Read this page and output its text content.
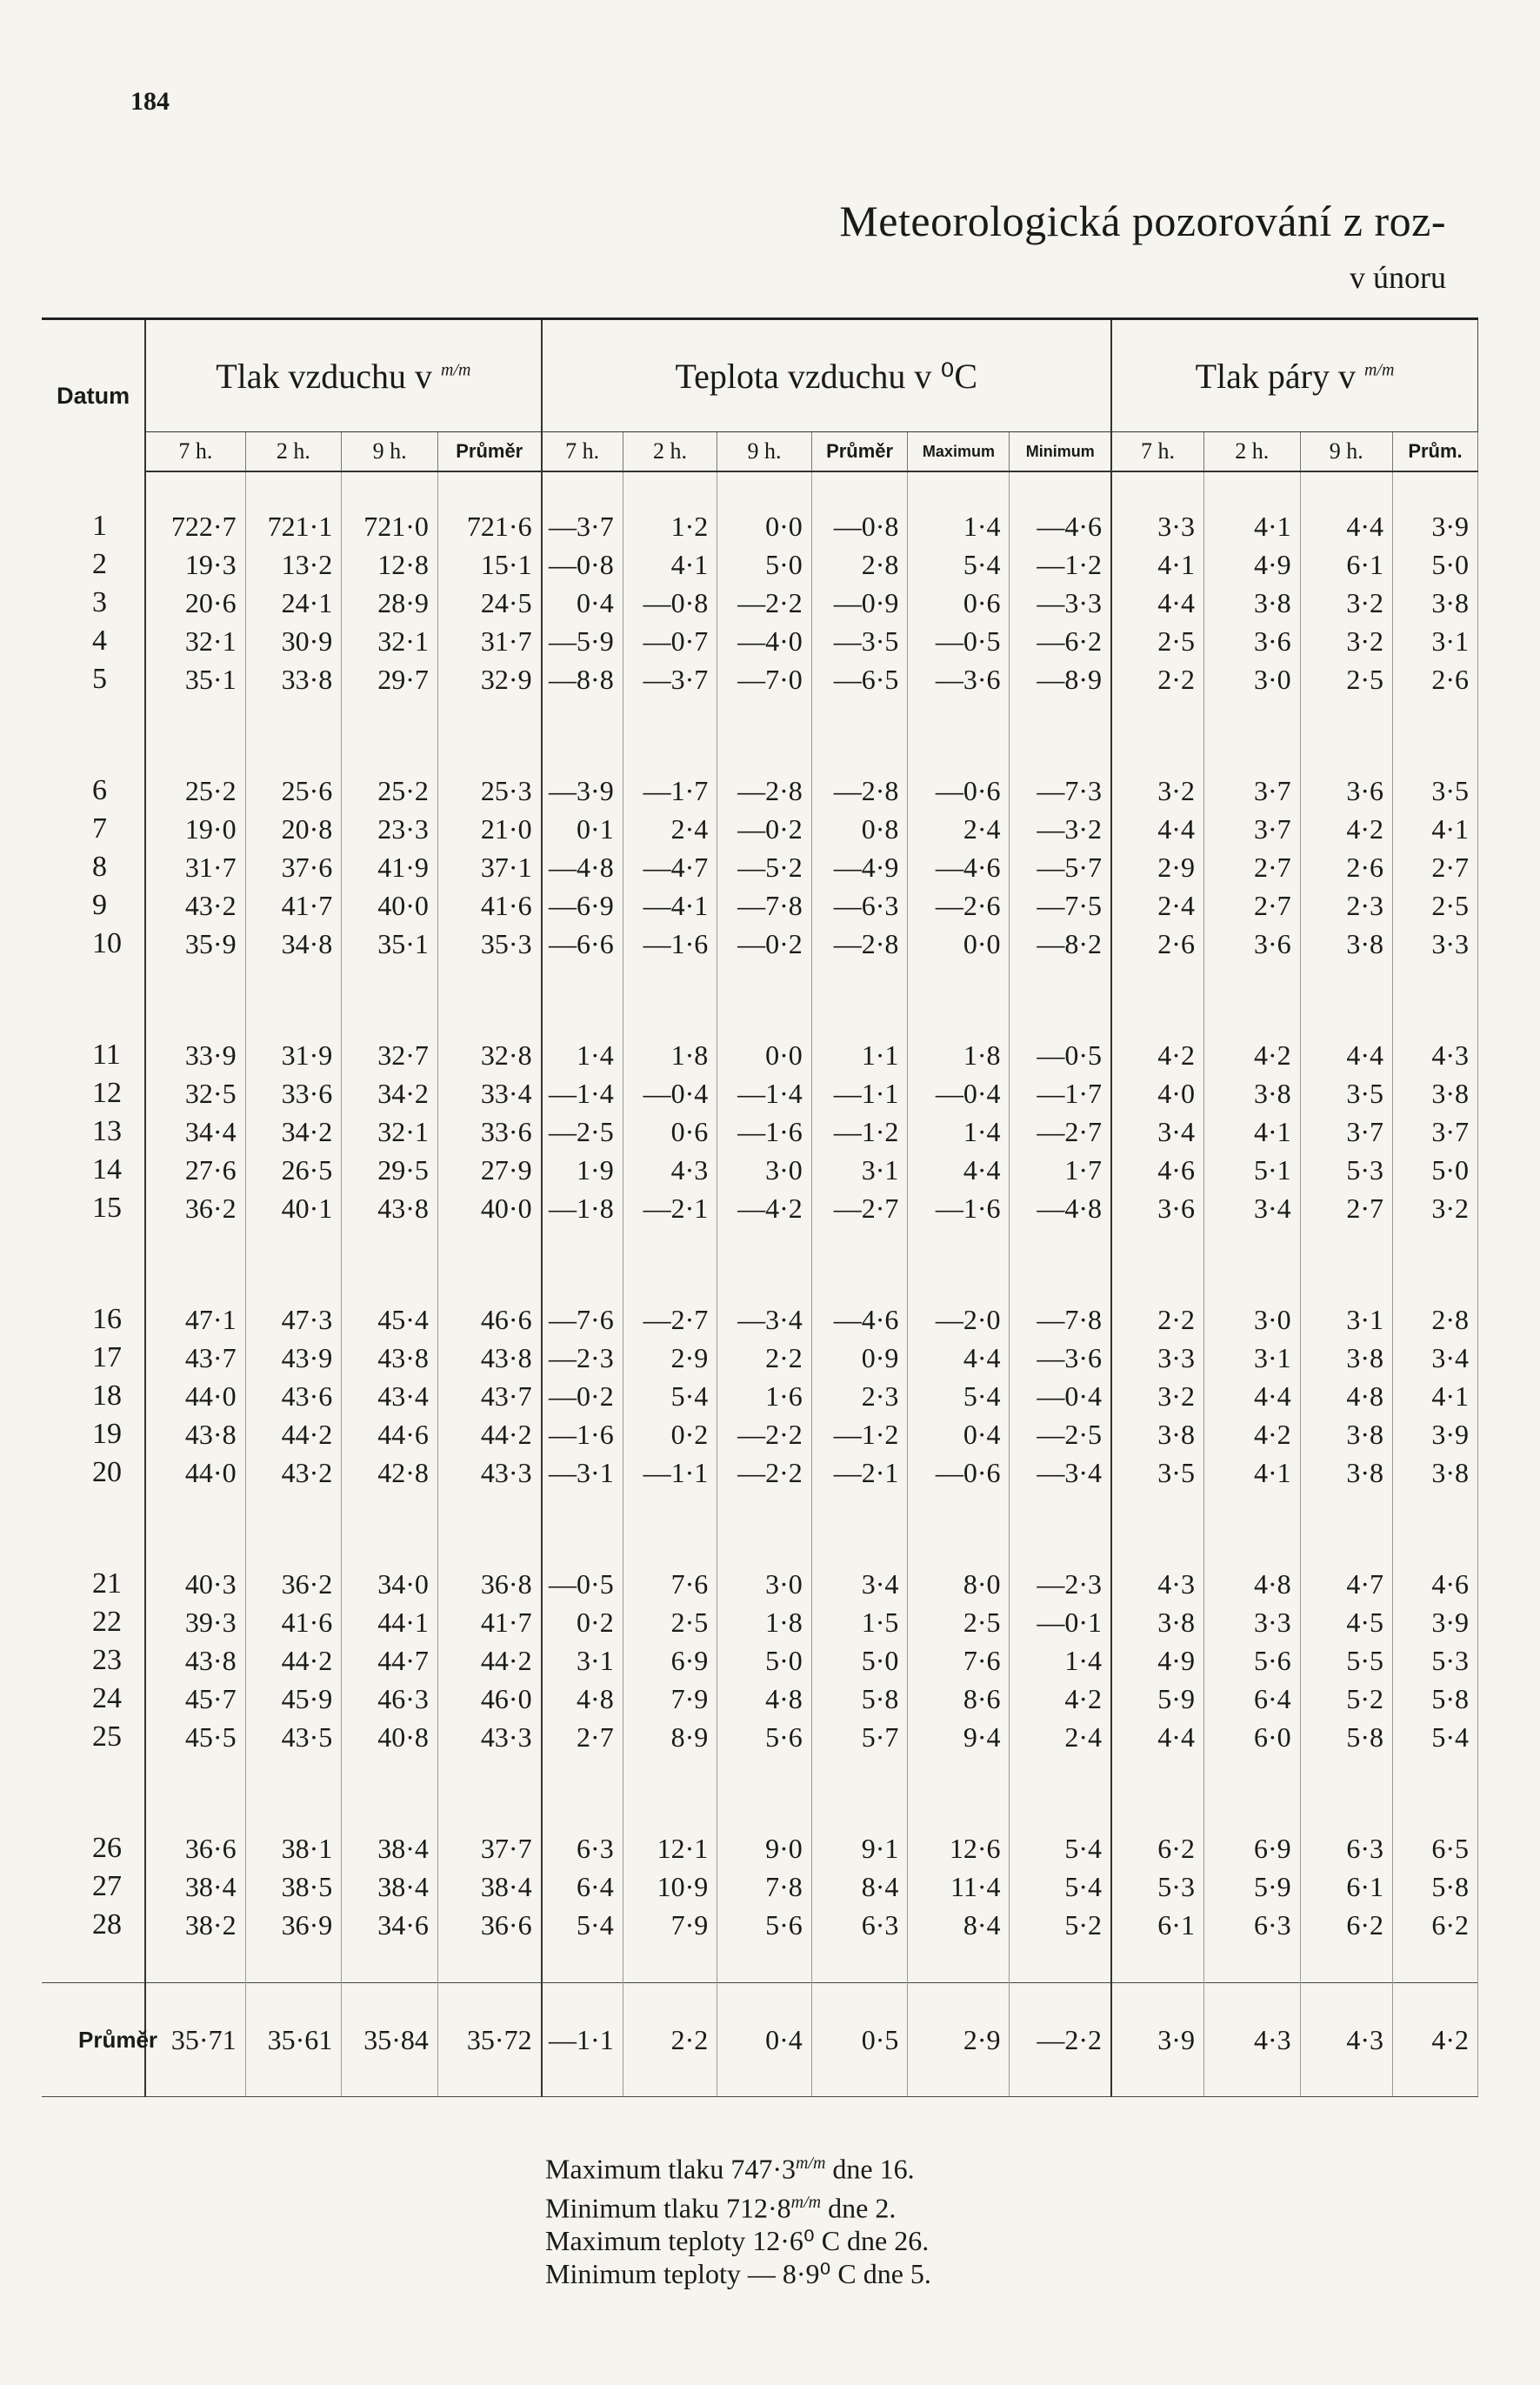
184
Meteorologická pozorování z roz-
v únoru
Datum	Tlak vzduchu v $^{m/m}$				Teplota vzduchu v ⁰C						Tlak páry v $^{m/m}$
	7 h.	2 h.	9 h.	Průměr	7 h.	2 h.	9 h.	Průměr	Maximum	Minimum	7 h.	2 h.	9 h.	Prům.
1	722·7	721·1	721·0	721·6	—3·7	1·2	0·0	—0·8	1·4	—4·6	3·3	4·1	4·4	3·9
2	19·3	13·2	12·8	15·1	—0·8	4·1	5·0	2·8	5·4	—1·2	4·1	4·9	6·1	5·0
3	20·6	24·1	28·9	24·5	0·4	—0·8	—2·2	—0·9	0·6	—3·3	4·4	3·8	3·2	3·8
4	32·1	30·9	32·1	31·7	—5·9	—0·7	—4·0	—3·5	—0·5	—6·2	2·5	3·6	3·2	3·1
5	35·1	33·8	29·7	32·9	—8·8	—3·7	—7·0	—6·5	—3·6	—8·9	2·2	3·0	2·5	2·6
6	25·2	25·6	25·2	25·3	—3·9	—1·7	—2·8	—2·8	—0·6	—7·3	3·2	3·7	3·6	3·5
7	19·0	20·8	23·3	21·0	0·1	2·4	—0·2	0·8	2·4	—3·2	4·4	3·7	4·2	4·1
8	31·7	37·6	41·9	37·1	—4·8	—4·7	—5·2	—4·9	—4·6	—5·7	2·9	2·7	2·6	2·7
9	43·2	41·7	40·0	41·6	—6·9	—4·1	—7·8	—6·3	—2·6	—7·5	2·4	2·7	2·3	2·5
10	35·9	34·8	35·1	35·3	—6·6	—1·6	—0·2	—2·8	0·0	—8·2	2·6	3·6	3·8	3·3
11	33·9	31·9	32·7	32·8	1·4	1·8	0·0	1·1	1·8	—0·5	4·2	4·2	4·4	4·3
12	32·5	33·6	34·2	33·4	—1·4	—0·4	—1·4	—1·1	—0·4	—1·7	4·0	3·8	3·5	3·8
13	34·4	34·2	32·1	33·6	—2·5	0·6	—1·6	—1·2	1·4	—2·7	3·4	4·1	3·7	3·7
14	27·6	26·5	29·5	27·9	1·9	4·3	3·0	3·1	4·4	1·7	4·6	5·1	5·3	5·0
15	36·2	40·1	43·8	40·0	—1·8	—2·1	—4·2	—2·7	—1·6	—4·8	3·6	3·4	2·7	3·2
16	47·1	47·3	45·4	46·6	—7·6	—2·7	—3·4	—4·6	—2·0	—7·8	2·2	3·0	3·1	2·8
17	43·7	43·9	43·8	43·8	—2·3	2·9	2·2	0·9	4·4	—3·6	3·3	3·1	3·8	3·4
18	44·0	43·6	43·4	43·7	—0·2	5·4	1·6	2·3	5·4	—0·4	3·2	4·4	4·8	4·1
19	43·8	44·2	44·6	44·2	—1·6	0·2	—2·2	—1·2	0·4	—2·5	3·8	4·2	3·8	3·9
20	44·0	43·2	42·8	43·3	—3·1	—1·1	—2·2	—2·1	—0·6	—3·4	3·5	4·1	3·8	3·8
21	40·3	36·2	34·0	36·8	—0·5	7·6	3·0	3·4	8·0	—2·3	4·3	4·8	4·7	4·6
22	39·3	41·6	44·1	41·7	0·2	2·5	1·8	1·5	2·5	—0·1	3·8	3·3	4·5	3·9
23	43·8	44·2	44·7	44·2	3·1	6·9	5·0	5·0	7·6	1·4	4·9	5·6	5·5	5·3
24	45·7	45·9	46·3	46·0	4·8	7·9	4·8	5·8	8·6	4·2	5·9	6·4	5·2	5·8
25	45·5	43·5	40·8	43·3	2·7	8·9	5·6	5·7	9·4	2·4	4·4	6·0	5·8	5·4
26	36·6	38·1	38·4	37·7	6·3	12·1	9·0	9·1	12·6	5·4	6·2	6·9	6·3	6·5
27	38·4	38·5	38·4	38·4	6·4	10·9	7·8	8·4	11·4	5·4	5·3	5·9	6·1	5·8
28	38·2	36·9	34·6	36·6	5·4	7·9	5·6	6·3	8·4	5·2	6·1	6·3	6·2	6·2
Průměr	35·71	35·61	35·84	35·72	—1·1	2·2	0·4	0·5	2·9	—2·2	3·9	4·3	4·3	4·2
Maximum tlaku $747\cdot 3^{m/m}$ dne 16.
Minimum tlaku $712\cdot 8^{m/m}$ dne 2.
Maximum teploty 12·6⁰ C dne 26.
Minimum teploty — 8·9⁰ C dne 5.
